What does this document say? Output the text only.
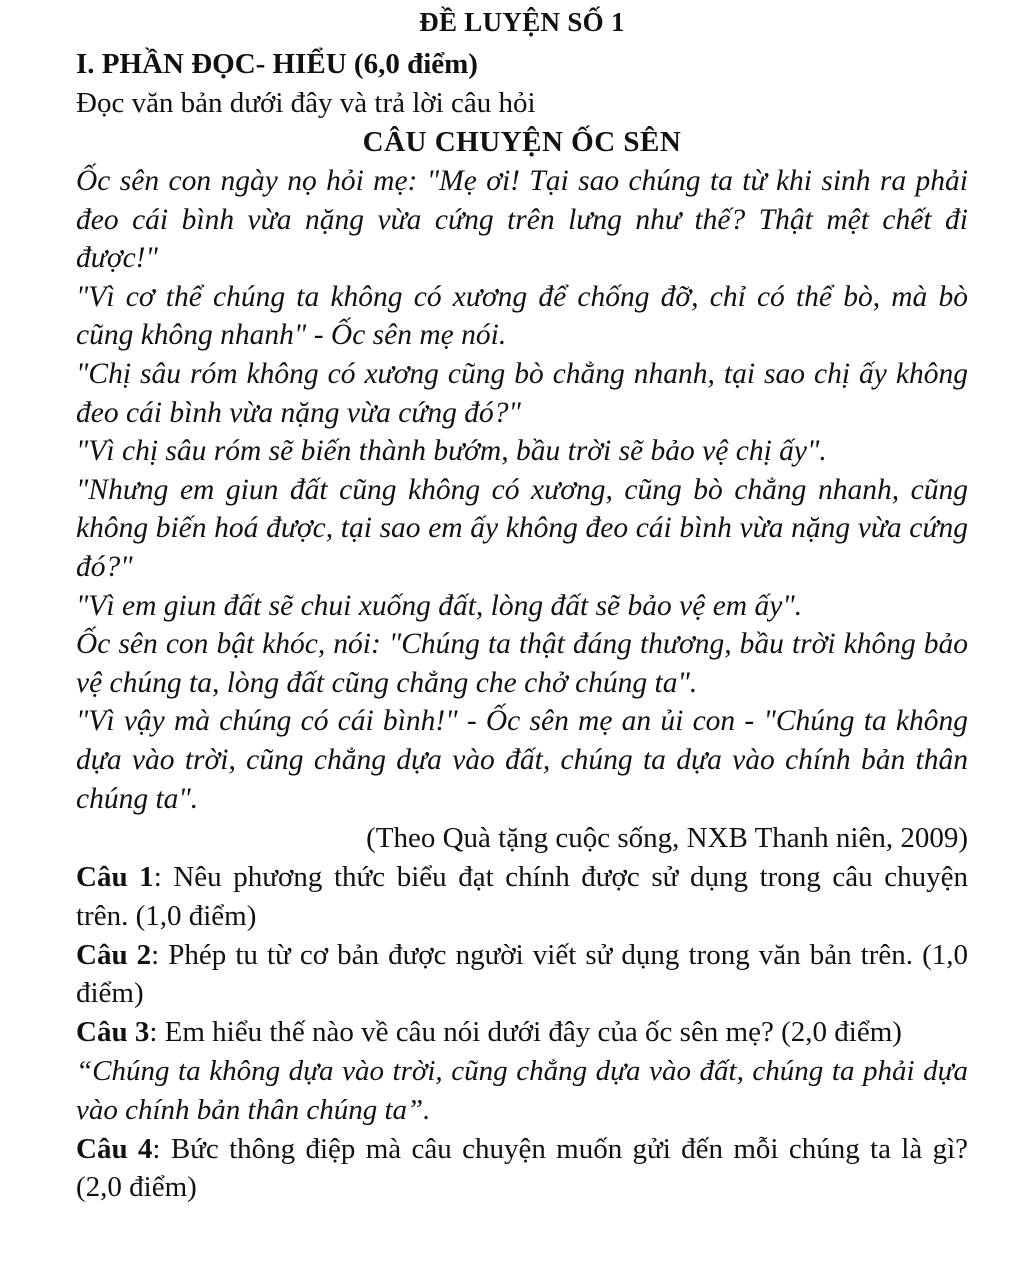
ĐỀ LUYỆN SỐ 1
I. PHẦN ĐỌC- HIỂU (6,0 điểm)
Đọc văn bản dưới đây và trả lời câu hỏi
CÂU CHUYỆN ỐC SÊN

Ốc sên con ngày nọ hỏi mẹ: "Mẹ ơi! Tại sao chúng ta từ khi sinh ra phải đeo cái bình vừa nặng vừa cứng trên lưng như thế? Thật mệt chết đi được!"

"Vì cơ thể chúng ta không có xương để chống đỡ, chỉ có thể bò, mà bò cũng không nhanh" - Ốc sên mẹ nói.

"Chị sâu róm không có xương cũng bò chẳng nhanh, tại sao chị ấy không đeo cái bình vừa nặng vừa cứng đó?"

"Vì chị sâu róm sẽ biến thành bướm, bầu trời sẽ bảo vệ chị ấy".

"Nhưng em giun đất cũng không có xương, cũng bò chẳng nhanh, cũng không biến hoá được, tại sao em ấy không đeo cái bình vừa nặng vừa cứng đó?"

"Vì em giun đất sẽ chui xuống đất, lòng đất sẽ bảo vệ em ấy".

Ốc sên con bật khóc, nói: "Chúng ta thật đáng thương, bầu trời không bảo vệ chúng ta, lòng đất cũng chẳng che chở chúng ta".

"Vì vậy mà chúng có cái bình!" - Ốc sên mẹ an ủi con - "Chúng ta không dựa vào trời, cũng chẳng dựa vào đất, chúng ta dựa vào chính bản thân chúng ta".

(Theo Quà tặng cuộc sống, NXB Thanh niên, 2009)
Câu 1: Nêu phương thức biểu đạt chính được sử dụng trong câu chuyện trên. (1,0 điểm)
Câu 2: Phép tu từ cơ bản được người viết sử dụng trong văn bản trên. (1,0 điểm)
Câu 3: Em hiểu thế nào về câu nói dưới đây của ốc sên mẹ? (2,0 điểm)
“Chúng ta không dựa vào trời, cũng chẳng dựa vào đất, chúng ta phải dựa vào chính bản thân chúng ta”.
Câu 4: Bức thông điệp mà câu chuyện muốn gửi đến mỗi chúng ta là gì? (2,0 điểm)
